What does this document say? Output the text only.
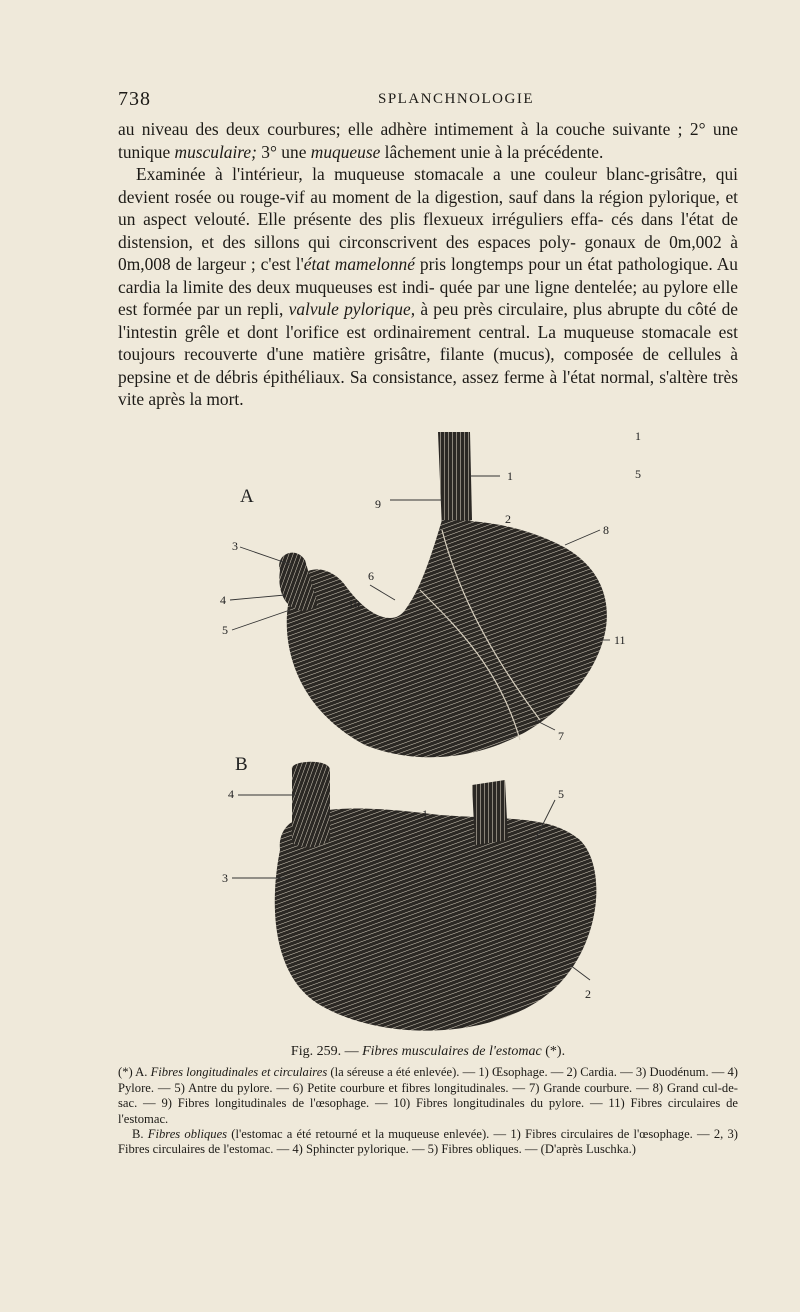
738	SPLANCHNOLOGIE

au niveau des deux courbures; elle adhère intimement à la couche suivante ; 2° une tunique musculaire; 3° une muqueuse lâchement unie à la précédente.

Examinée à l'intérieur, la muqueuse stomacale a une couleur blanc-grisâtre, qui devient rosée ou rouge-vif au moment de la digestion, sauf dans la région pylorique, et un aspect velouté. Elle présente des plis flexueux irréguliers effa- cés dans l'état de distension, et des sillons qui circonscrivent des espaces poly- gonaux de 0m,002 à 0m,008 de largeur ; c'est l'état mamelonné pris longtemps pour un état pathologique. Au cardia la limite des deux muqueuses est indi- quée par une ligne dentelée; au pylore elle est formée par un repli, valvule pylorique, à peu près circulaire, plus abrupte du côté de l'intestin grêle et dont l'orifice est ordinairement central. La muqueuse stomacale est toujours recouverte d'une matière grisâtre, filante (mucus), composée de cellules à pepsine et de débris épithéliaux. Sa consistance, assez ferme à l'état normal, s'altère très vite après la mort.

A
B
9
1
2
8
1
5
3
6
10
4
5
11
7
4
1
5
3
2
Fig. 259. — Fibres musculaires de l'estomac (*).

(*) A. Fibres longitudinales et circulaires (la séreuse a été enlevée). — 1) Œsophage. — 2) Cardia. — 3) Duodénum. — 4) Pylore. — 5) Antre du pylore. — 6) Petite courbure et fibres longitudinales. — 7) Grande courbure. — 8) Grand cul-de-sac. — 9) Fibres longitudinales de l'œsophage. — 10) Fibres longitudinales du pylore. — 11) Fibres circulaires de l'estomac.

B. Fibres obliques (l'estomac a été retourné et la muqueuse enlevée). — 1) Fibres circulaires de l'œsophage. — 2, 3) Fibres circulaires de l'estomac. — 4) Sphincter pylorique. — 5) Fibres obliques. — (D'après Luschka.)
